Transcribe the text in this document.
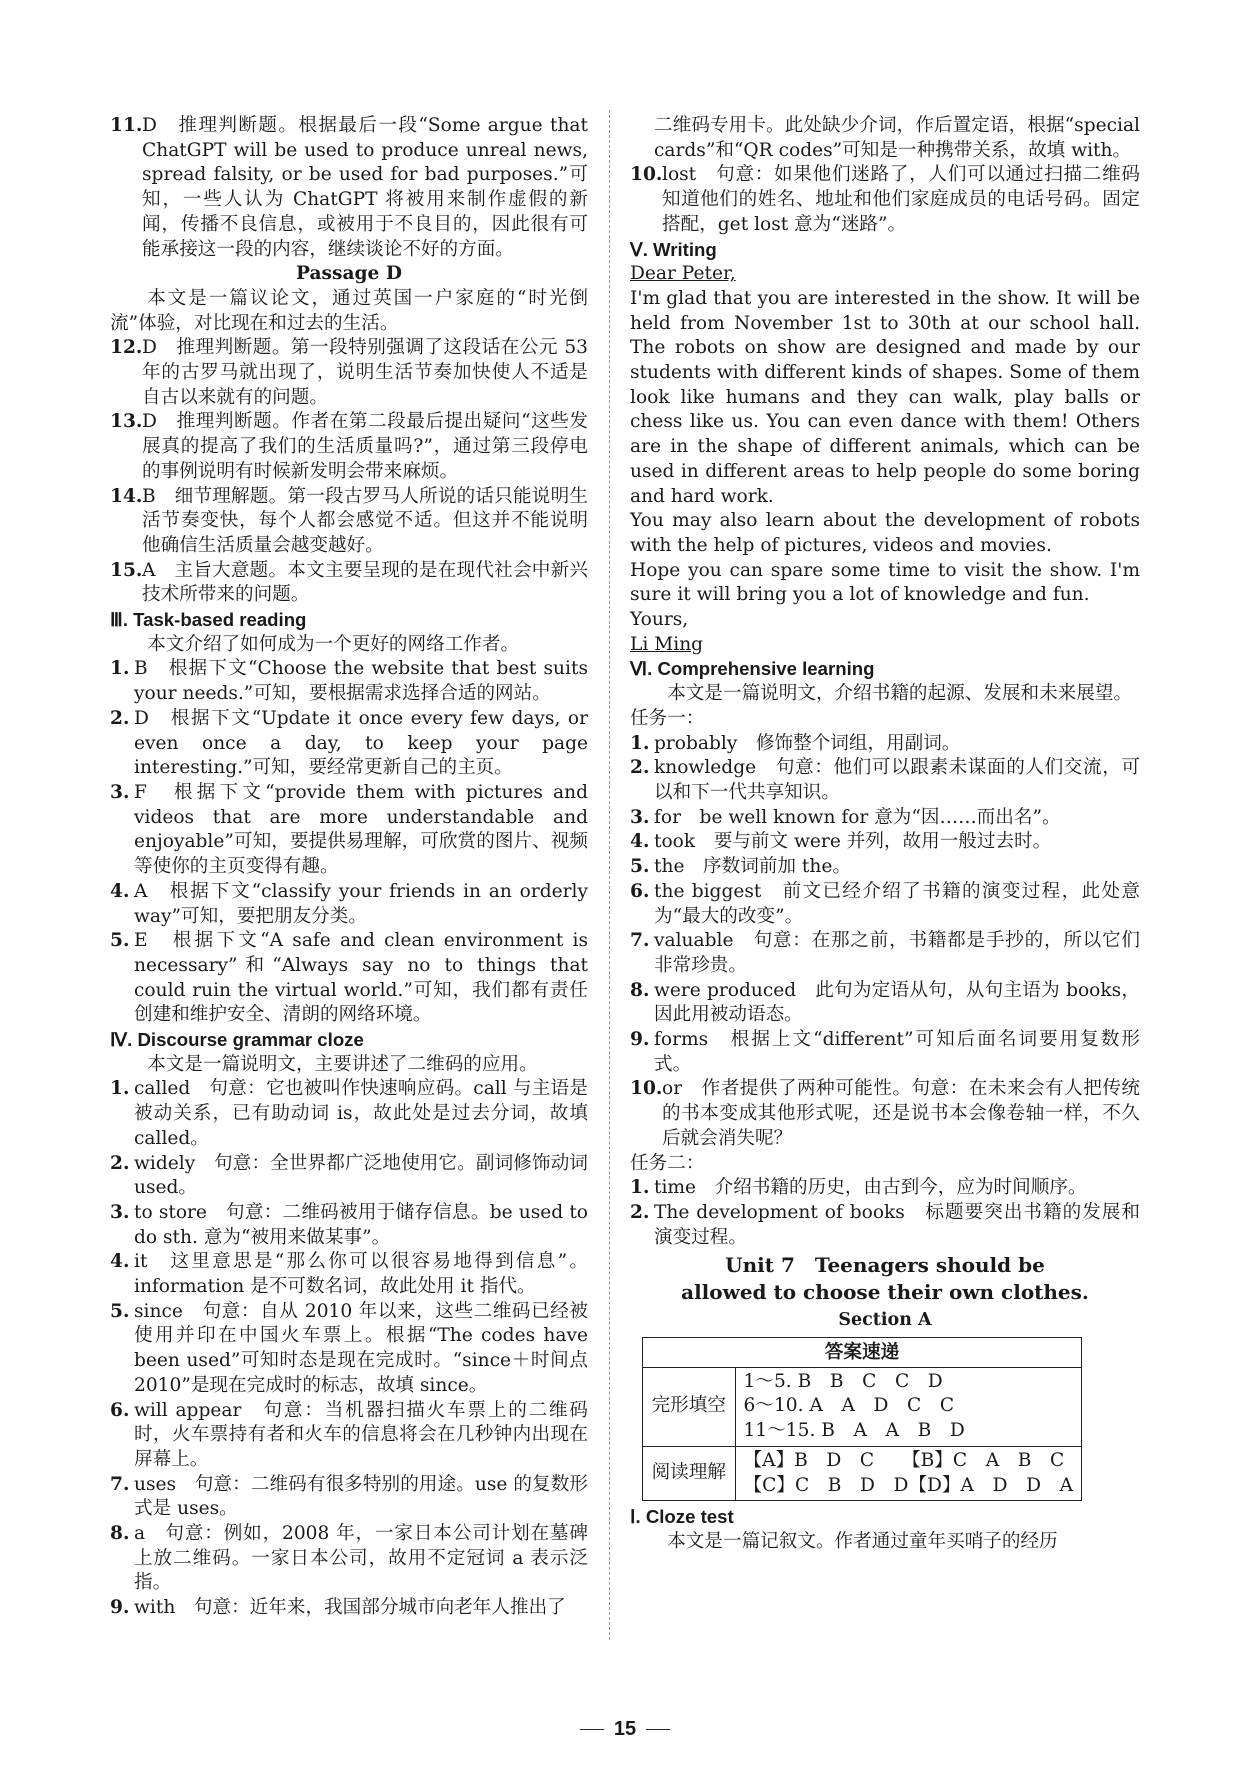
11. D　推理判断题。根据最后一段“Some argue that ChatGPT will be used to produce unreal news, spread falsity, or be used for bad purposes.”可知，一些人认为 ChatGPT 将被用来制作虚假的新闻，传播不良信息，或被用于不良目的，因此很有可能承接这一段的内容，继续谈论不好的方面。

Passage D

本文是一篇议论文，通过英国一户家庭的“时光倒流”体验，对比现在和过去的生活。

12. D　推理判断题。第一段特别强调了这段话在公元 53 年的古罗马就出现了，说明生活节奏加快使人不适是自古以来就有的问题。
13. D　推理判断题。作者在第二段最后提出疑问“这些发展真的提高了我们的生活质量吗?”，通过第三段停电的事例说明有时候新发明会带来麻烦。
14. B　细节理解题。第一段古罗马人所说的话只能说明生活节奏变快，每个人都会感觉不适。但这并不能说明他确信生活质量会越变越好。
15. A　主旨大意题。本文主要呈现的是在现代社会中新兴技术所带来的问题。

Ⅲ. Task-based reading

本文介绍了如何成为一个更好的网络工作者。

1. B　根据下文“Choose the website that best suits your needs.”可知，要根据需求选择合适的网站。
2. D　根据下文“Update it once every few days, or even once a day, to keep your page interesting.”可知，要经常更新自己的主页。
3. F　根据下文“provide them with pictures and videos that are more understandable and enjoyable”可知，要提供易理解，可欣赏的图片、视频等使你的主页变得有趣。
4. A　根据下文“classify your friends in an orderly way”可知，要把朋友分类。
5. E　根据下文“A safe and clean environment is necessary”和“Always say no to things that could ruin the virtual world.”可知，我们都有责任创建和维护安全、清朗的网络环境。

Ⅳ. Discourse grammar cloze

本文是一篇说明文，主要讲述了二维码的应用。

1. called　句意：它也被叫作快速响应码。call 与主语是被动关系，已有助动词 is，故此处是过去分词，故填 called。
2. widely　句意：全世界都广泛地使用它。副词修饰动词 used。
3. to store　句意：二维码被用于储存信息。be used to do sth. 意为“被用来做某事”。
4. it　这里意思是“那么你可以很容易地得到信息”。information 是不可数名词，故此处用 it 指代。
5. since　句意：自从 2010 年以来，这些二维码已经被使用并印在中国火车票上。根据“The codes have been used”可知时态是现在完成时。“since＋时间点 2010”是现在完成时的标志，故填 since。
6. will appear　句意：当机器扫描火车票上的二维码时，火车票持有者和火车的信息将会在几秒钟内出现在屏幕上。
7. uses　句意：二维码有很多特别的用途。use 的复数形式是 uses。
8. a　句意：例如，2008 年，一家日本公司计划在墓碑上放二维码。一家日本公司，故用不定冠词 a 表示泛指。
9. with　句意：近年来，我国部分城市向老年人推出了

二维码专用卡。此处缺少介词，作后置定语，根据“special cards”和“QR codes”可知是一种携带关系，故填 with。

10. lost　句意：如果他们迷路了，人们可以通过扫描二维码知道他们的姓名、地址和他们家庭成员的电话号码。固定搭配，get lost 意为“迷路”。

Ⅴ. Writing

Dear Peter,

I'm glad that you are interested in the show. It will be held from November 1st to 30th at our school hall. The robots on show are designed and made by our students with different kinds of shapes. Some of them look like humans and they can walk, play balls or chess like us. You can even dance with them! Others are in the shape of different animals, which can be used in different areas to help people do some boring and hard work.

You may also learn about the development of robots with the help of pictures, videos and movies.

Hope you can spare some time to visit the show. I'm sure it will bring you a lot of knowledge and fun.

Yours,

Li Ming

Ⅵ. Comprehensive learning

本文是一篇说明文，介绍书籍的起源、发展和未来展望。

任务一：

1. probably　修饰整个词组，用副词。
2. knowledge　句意：他们可以跟素未谋面的人们交流，可以和下一代共享知识。
3. for　be well known for 意为“因……而出名”。
4. took　要与前文 were 并列，故用一般过去时。
5. the　序数词前加 the。
6. the biggest　前文已经介绍了书籍的演变过程，此处意为“最大的改变”。
7. valuable　句意：在那之前，书籍都是手抄的，所以它们非常珍贵。
8. were produced　此句为定语从句，从句主语为 books，因此用被动语态。
9. forms　根据上文“different”可知后面名词要用复数形式。
10. or　作者提供了两种可能性。句意：在未来会有人把传统的书本变成其他形式呢，还是说书本会像卷轴一样，不久后就会消失呢？

任务二：

1. time　介绍书籍的历史，由古到今，应为时间顺序。
2. The development of books　标题要突出书籍的发展和演变过程。

Unit 7　Teenagers should be

allowed to choose their own clothes.

Section A

答案速递	
完形填空	1～5. B　B　C　C　D
6～10. A　A　D　C　C
11～15. B　A　A　B　D

阅读理解	【A】B　D　C　　【B】C　A　B　C
【C】C　B　D　D【D】A　D　D　A

Ⅰ. Cloze test

本文是一篇记叙文。作者通过童年买哨子的经历

15
